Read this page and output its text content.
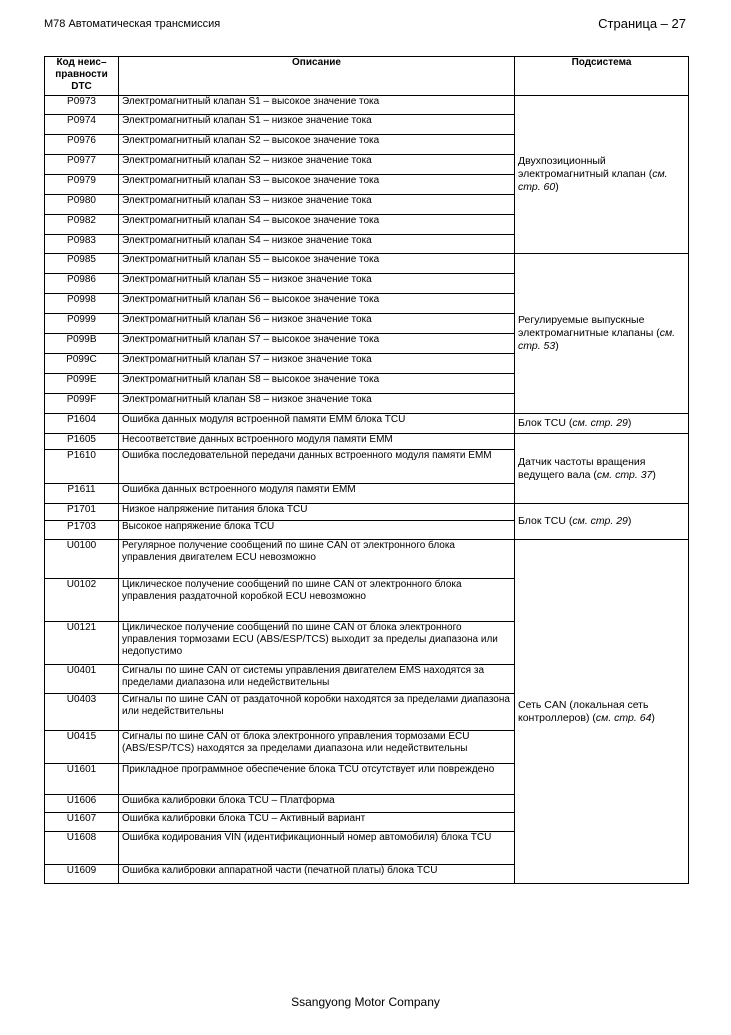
M78 Автоматическая трансмиссия	Страница – 27
Код неис–правности DTC	Описание	Подсистема
P0973	Электромагнитный клапан S1 – высокое значение тока	Двухпозиционный электромагнитный клапан (см. стр. 60)
P0974	Электромагнитный клапан S1 – низкое значение тока	
P0976	Электромагнитный клапан S2 – высокое значение тока	
P0977	Электромагнитный клапан S2 – низкое значение тока	
P0979	Электромагнитный клапан S3 – высокое значение тока	
P0980	Электромагнитный клапан S3 – низкое значение тока	
P0982	Электромагнитный клапан S4 – высокое значение тока	
P0983	Электромагнитный клапан S4 – низкое значение тока	
P0985	Электромагнитный клапан S5 – высокое значение тока	Регулируемые выпускные электромагнитные клапаны (см. стр. 53)
P0986	Электромагнитный клапан S5 – низкое значение тока	
P0998	Электромагнитный клапан S6 – высокое значение тока	
P0999	Электромагнитный клапан S6 – низкое значение тока	
P099B	Электромагнитный клапан S7 – высокое значение тока	
P099C	Электромагнитный клапан S7 – низкое значение тока	
P099E	Электромагнитный клапан S8 – высокое значение тока	
P099F	Электромагнитный клапан S8 – низкое значение тока	
P1604	Ошибка данных модуля встроенной памяти EMM блока TCU	Блок TCU (см. стр. 29)
P1605	Несоответствие данных встроенного модуля памяти EMM	Датчик частоты вращения ведущего вала (см. стр. 37)
P1610	Ошибка последовательной передачи данных встроенного модуля памяти EMM	
P1611	Ошибка данных встроенного модуля памяти EMM	
P1701	Низкое напряжение питания блока TCU	Блок TCU (см. стр. 29)
P1703	Высокое напряжение блока TCU	
U0100	Регулярное получение сообщений по шине CAN от электронного блока управления двигателем ECU невозможно	Сеть CAN (локальная сеть контроллеров) (см. стр. 64)
U0102	Циклическое получение сообщений по шине CAN от электронного блока управления раздаточной коробкой ECU невозможно	
U0121	Циклическое получение сообщений по шине CAN от блока электронного управления тормозами ECU (ABS/ESP/TCS) выходит за пределы диапазона или недопустимо	
U0401	Сигналы по шине CAN от системы управления двигателем EMS находятся за пределами диапазона или недействительны	
U0403	Сигналы по шине CAN от раздаточной коробки находятся за пределами диапазона или недействительны	
U0415	Сигналы по шине CAN от блока электронного управления тормозами ECU (ABS/ESP/TCS) находятся за пределами диапазона или недействительны	
U1601	Прикладное программное обеспечение блока TCU отсутствует или повреждено	
U1606	Ошибка калибровки блока TCU – Платформа	
U1607	Ошибка калибровки блока TCU – Активный вариант	
U1608	Ошибка кодирования VIN (идентификационный номер автомобиля) блока TCU	
U1609	Ошибка калибровки аппаратной части (печатной платы) блока TCU	
Ssangyong Motor Company
